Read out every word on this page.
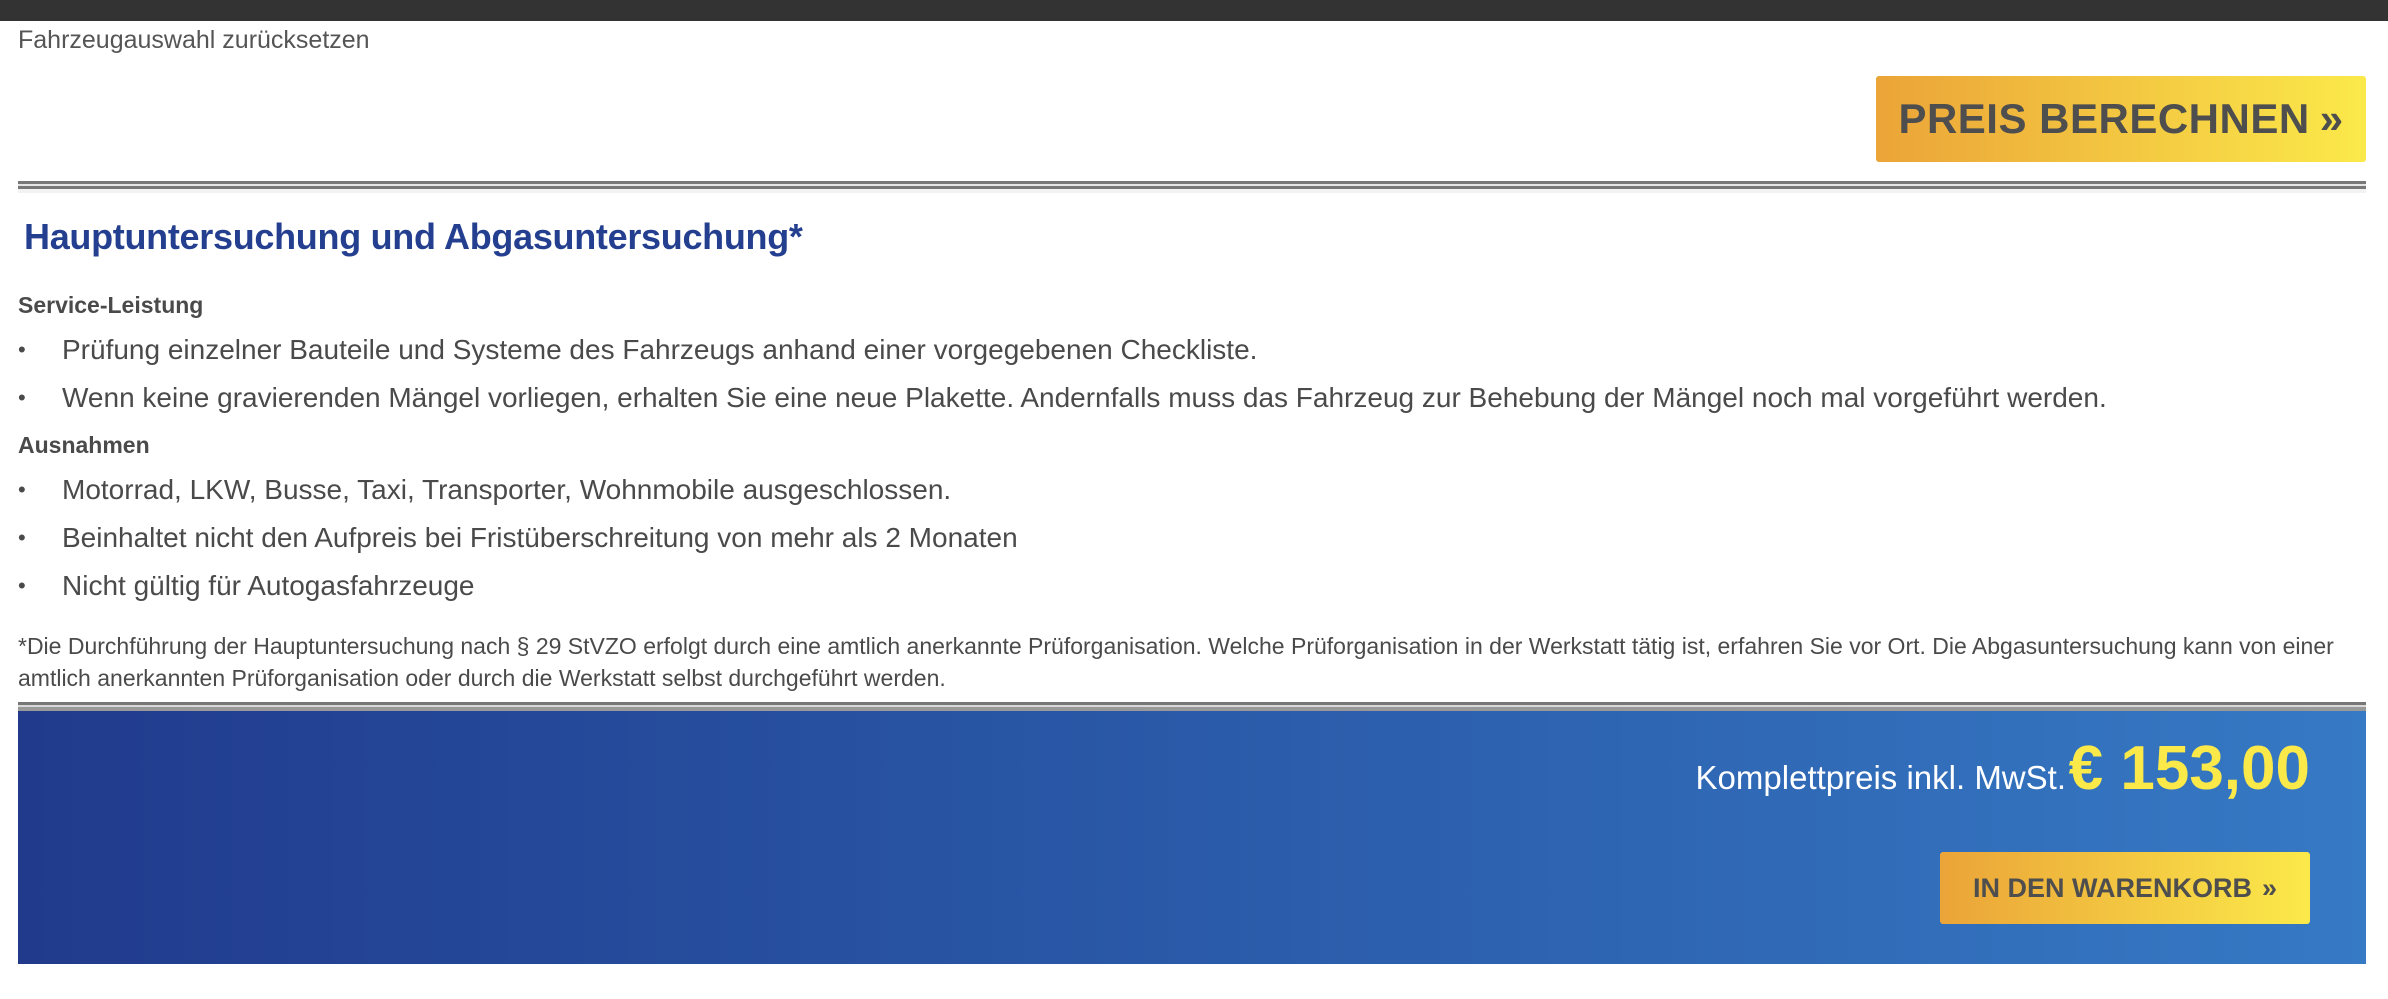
Fahrzeugauswahl zurücksetzen
PREIS BERECHNEN »
Hauptuntersuchung und Abgasuntersuchung*
Service-Leistung
• Prüfung einzelner Bauteile und Systeme des Fahrzeugs anhand einer vorgegebenen Checkliste.
• Wenn keine gravierenden Mängel vorliegen, erhalten Sie eine neue Plakette. Andernfalls muss das Fahrzeug zur Behebung der Mängel noch mal vorgeführt werden.
Ausnahmen
• Motorrad, LKW, Busse, Taxi, Transporter, Wohnmobile ausgeschlossen.
• Beinhaltet nicht den Aufpreis bei Fristüberschreitung von mehr als 2 Monaten
• Nicht gültig für Autogasfahrzeuge
*Die Durchführung der Hauptuntersuchung nach § 29 StVZO erfolgt durch eine amtlich anerkannte Prüforganisation. Welche Prüforganisation in der Werkstatt tätig ist, erfahren Sie vor Ort. Die Abgasuntersuchung kann von einer amtlich anerkannten Prüforganisation oder durch die Werkstatt selbst durchgeführt werden.
Komplettpreis inkl. MwSt. € 153,00
IN DEN WARENKORB »
